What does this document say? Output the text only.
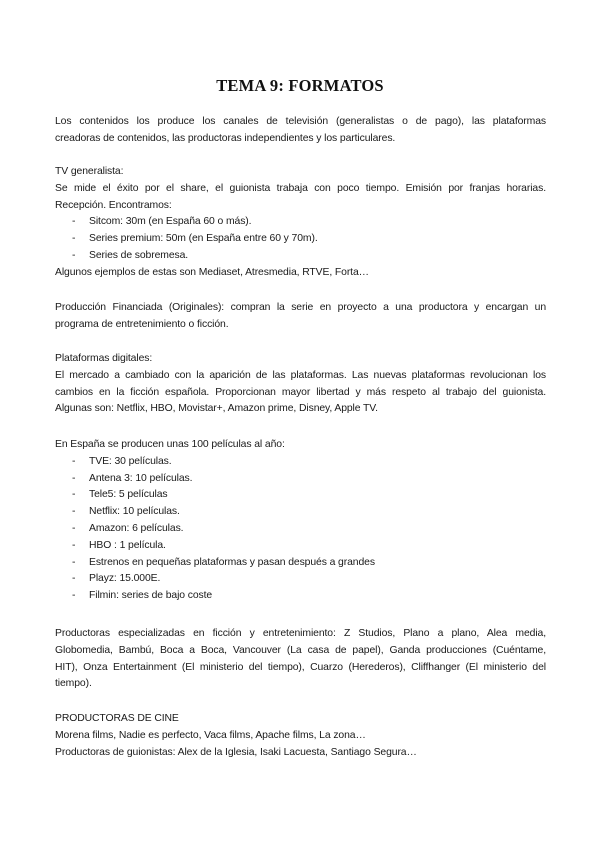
TEMA 9: FORMATOS
Los contenidos los produce los canales de televisión (generalistas o de pago), las plataformas
creadoras de contenidos, las productoras independientes y los particulares.
TV generalista:
Se mide el éxito por el share, el guionista trabaja con poco tiempo. Emisión por franjas horarias.
Recepción. Encontramos:
- Sitcom: 30m (en España 60 o más).
- Series premium: 50m (en España entre 60 y 70m).
- Series de sobremesa.
Algunos ejemplos de estas son Mediaset, Atresmedia, RTVE, Forta…
Producción Financiada (Originales): compran la serie en proyecto a una productora y encargan un
programa de entretenimiento o ficción.
Plataformas digitales:
El mercado a cambiado con la aparición de las plataformas. Las nuevas plataformas revolucionan los
cambios en la ficción española. Proporcionan mayor libertad y más respeto al trabajo del guionista.
Algunas son: Netflix, HBO, Movistar+, Amazon prime, Disney, Apple TV.
En España se producen unas 100 películas al año:
- TVE: 30 películas.
- Antena 3: 10 películas.
- Tele5: 5 películas
- Netflix: 10 películas.
- Amazon: 6 películas.
- HBO : 1 película.
- Estrenos en pequeñas plataformas y pasan después a grandes
- Playz: 15.000E.
- Filmin: series de bajo coste
Productoras especializadas en ficción y entretenimiento: Z Studios, Plano a plano, Alea media,
Globomedia, Bambú, Boca a Boca, Vancouver (La casa de papel), Ganda producciones (Cuéntame,
HIT), Onza Entertainment (El ministerio del tiempo), Cuarzo (Herederos), Cliffhanger (El ministerio del
tiempo).
PRODUCTORAS DE CINE
Morena films, Nadie es perfecto, Vaca films, Apache films, La zona…
Productoras de guionistas: Alex de la Iglesia, Isaki Lacuesta, Santiago Segura…
